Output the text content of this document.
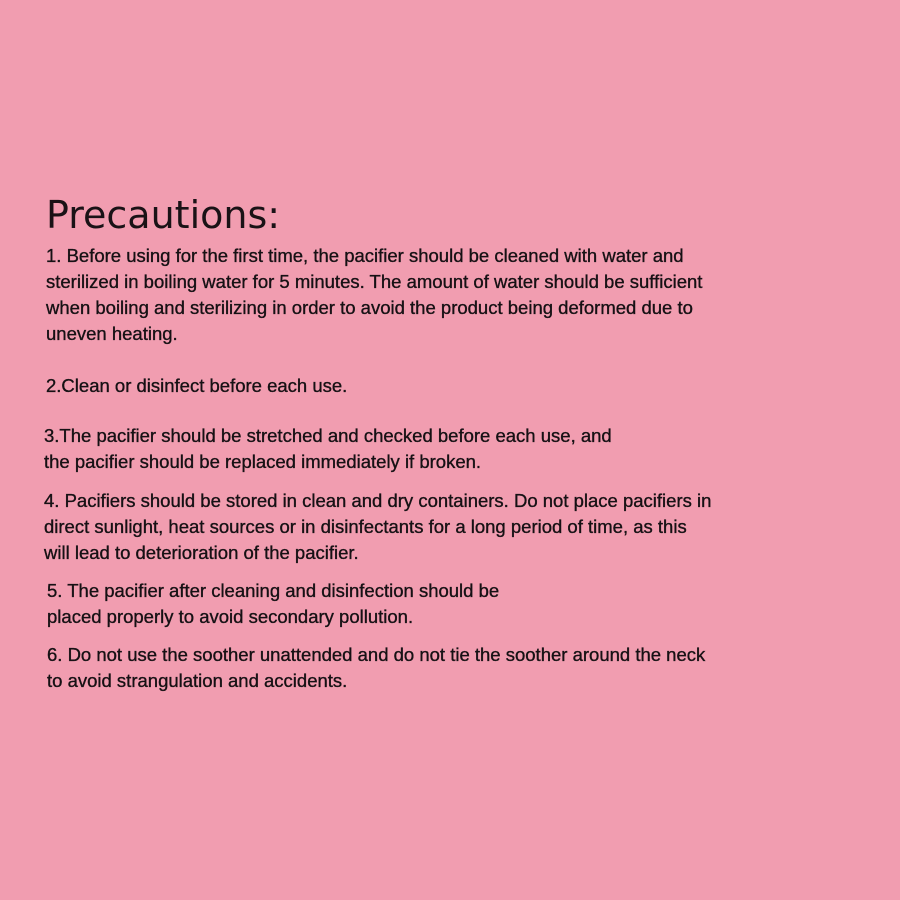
Precautions:

1. Before using for the first time, the pacifier should be cleaned with water and
sterilized in boiling water for 5 minutes. The amount of water should be sufficient
when boiling and sterilizing in order to avoid the product being deformed due to
uneven heating.

2.Clean or disinfect before each use.

3.The pacifier should be stretched and checked before each use, and
the pacifier should be replaced immediately if broken.

4. Pacifiers should be stored in clean and dry containers. Do not place pacifiers in
direct sunlight, heat sources or in disinfectants for a long period of time, as this
will lead to deterioration of the pacifier.

5. The pacifier after cleaning and disinfection should be
placed properly to avoid secondary pollution.

6. Do not use the soother unattended and do not tie the soother around the neck
to avoid strangulation and accidents.
